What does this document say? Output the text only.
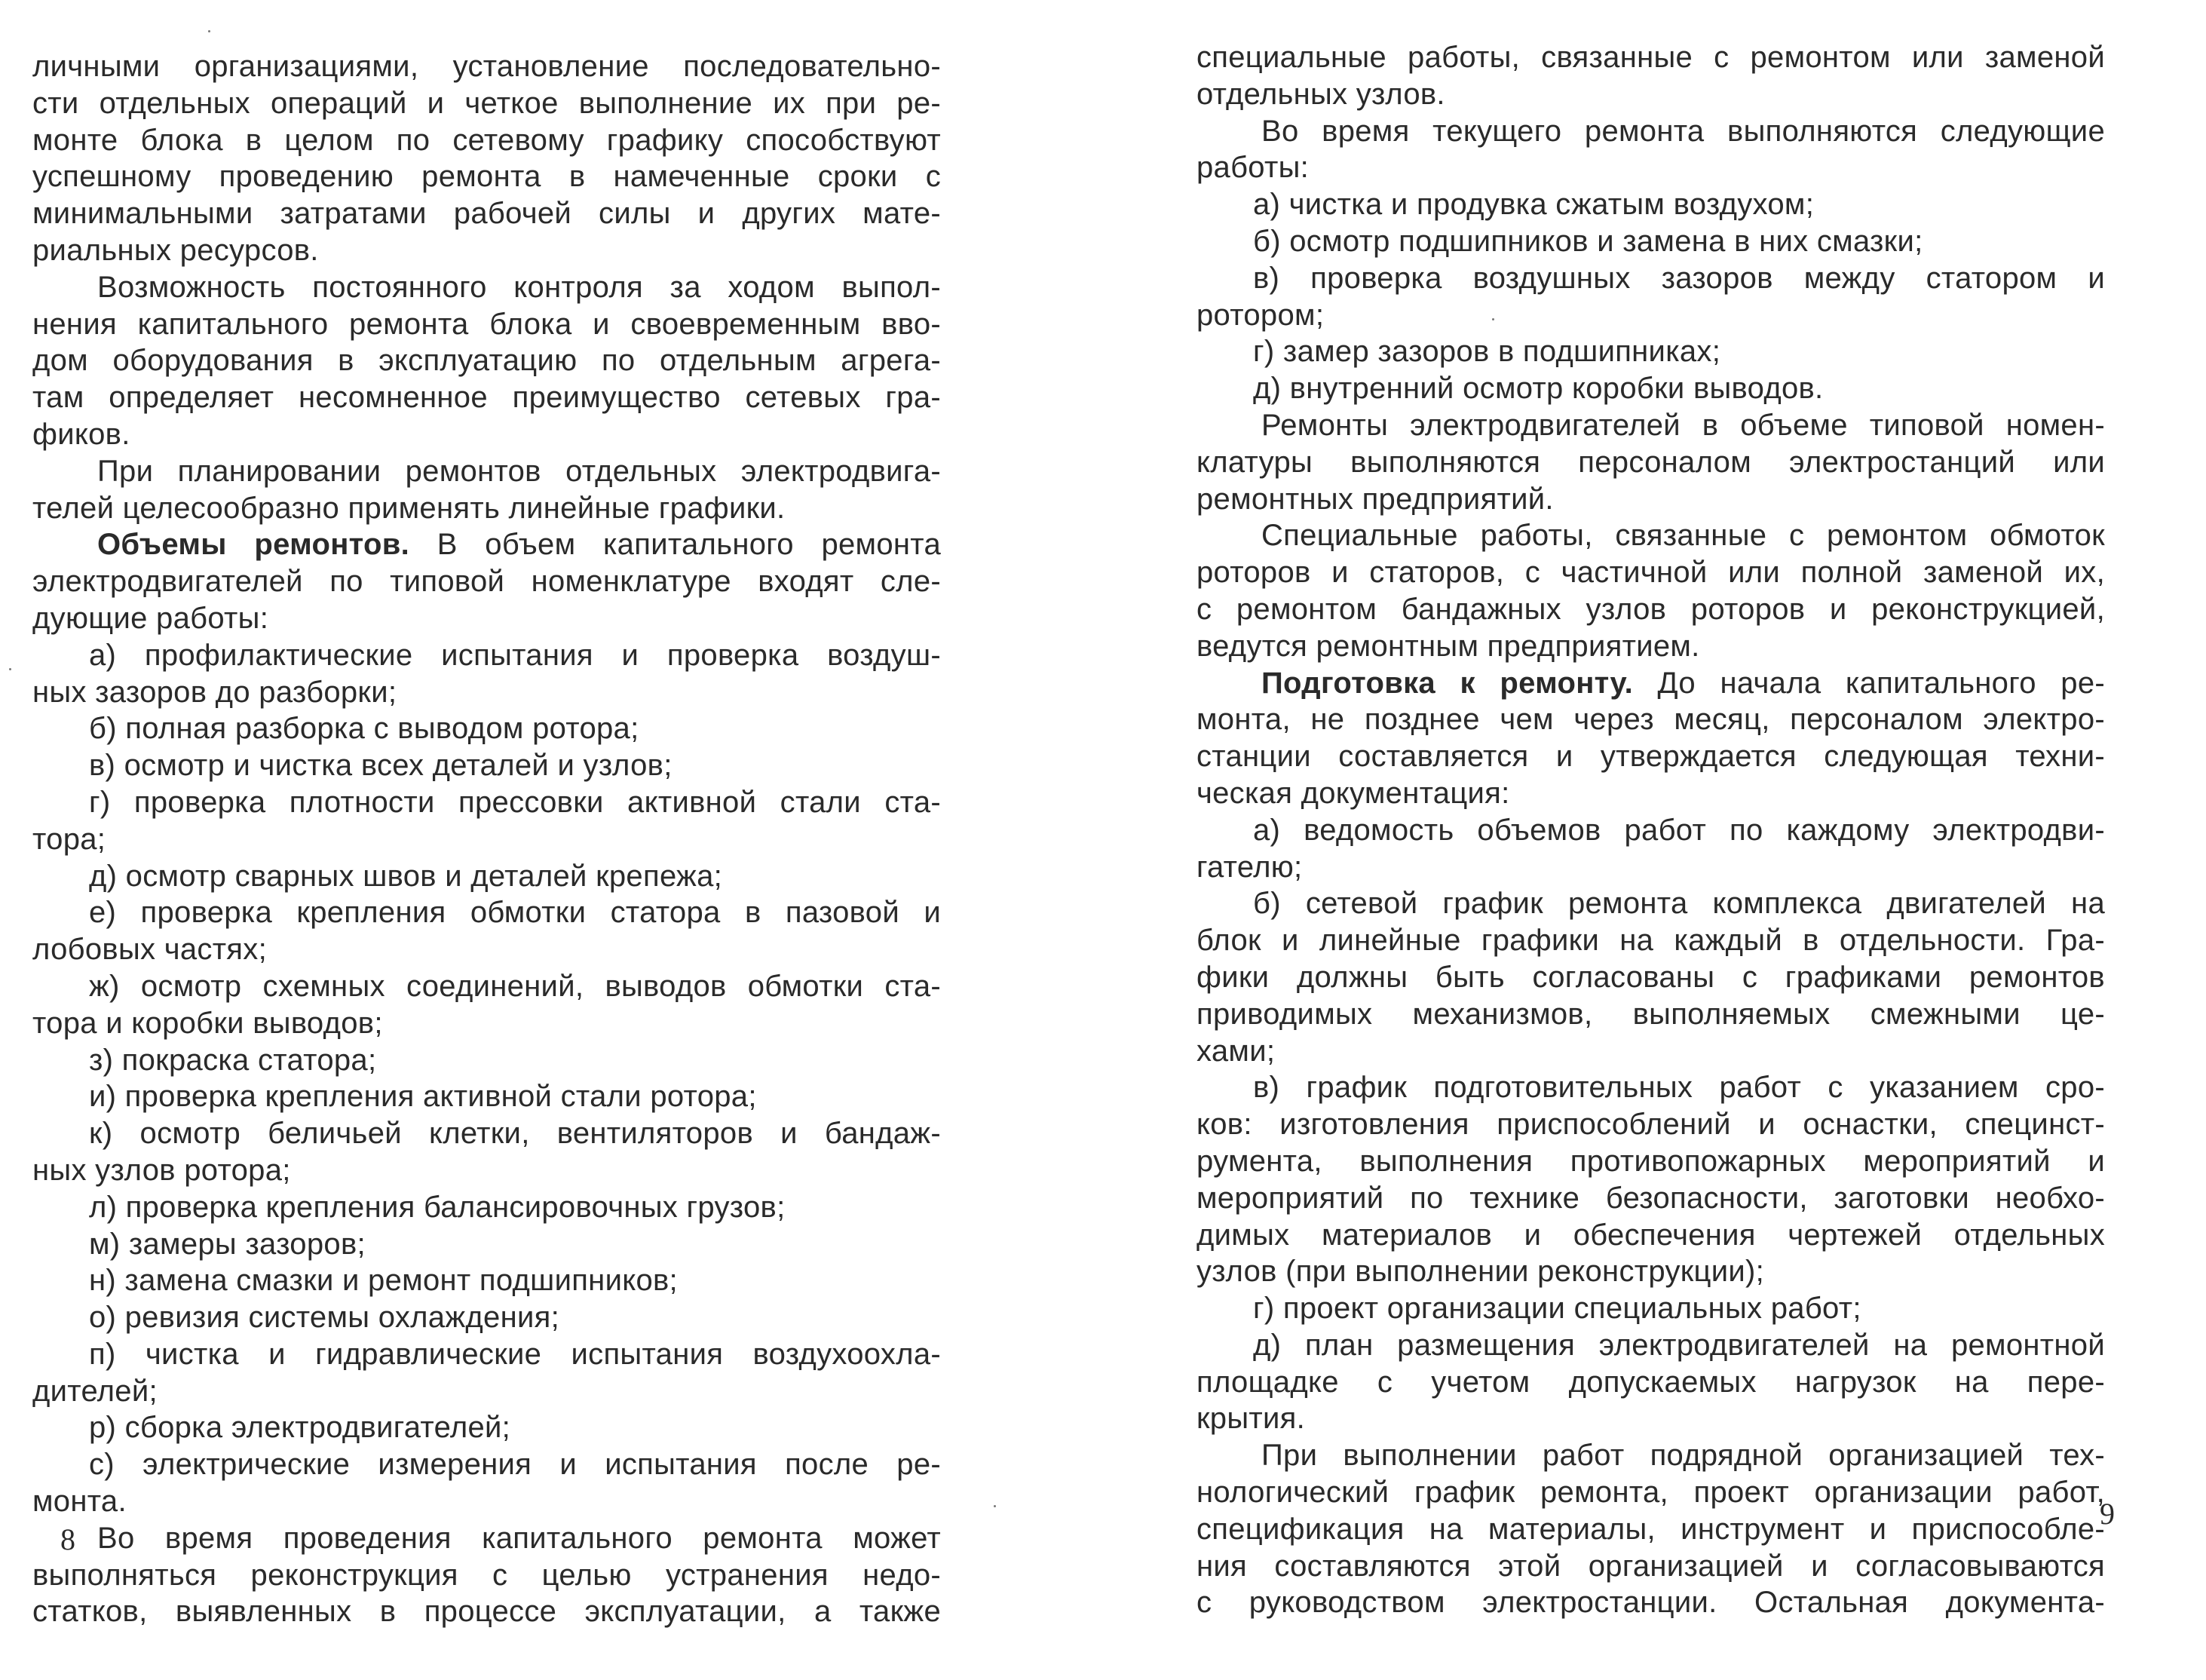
личными организациями, установление последовательно-
сти отдельных операций и четкое выполнение их при ре-
монте блока в целом по сетевому графику способствуют
успешному проведению ремонта в намеченные сроки с
минимальными затратами рабочей силы и других мате-
риальных ресурсов.
Возможность постоянного контроля за ходом выпол-
нения капитального ремонта блока и своевременным вво-
дом оборудования в эксплуатацию по отдельным агрега-
там определяет несомненное преимущество сетевых гра-
фиков.
При планировании ремонтов отдельных электродвига-
телей целесообразно применять линейные графики.
Объемы ремонтов. В объем капитального ремонта
электродвигателей по типовой номенклатуре входят сле-
дующие работы:
а) профилактические испытания и проверка воздуш-
ных зазоров до разборки;
б) полная разборка с выводом ротора;
в) осмотр и чистка всех деталей и узлов;
г) проверка плотности прессовки активной стали ста-
тора;
д) осмотр сварных швов и деталей крепежа;
е) проверка крепления обмотки статора в пазовой и
лобовых частях;
ж) осмотр схемных соединений, выводов обмотки ста-
тора и коробки выводов;
з) покраска статора;
и) проверка крепления активной стали ротора;
к) осмотр беличьей клетки, вентиляторов и бандаж-
ных узлов ротора;
л) проверка крепления балансировочных грузов;
м) замеры зазоров;
н) замена смазки и ремонт подшипников;
о) ревизия системы охлаждения;
п) чистка и гидравлические испытания воздухоохла-
дителей;
р) сборка электродвигателей;
с) электрические измерения и испытания после ре-
монта.
Во время проведения капитального ремонта может
выполняться реконструкция с целью устранения недо-
статков, выявленных в процессе эксплуатации, а также
8
специальные работы, связанные с ремонтом или заменой
отдельных узлов.
Во время текущего ремонта выполняются следующие
работы:
а) чистка и продувка сжатым воздухом;
б) осмотр подшипников и замена в них смазки;
в) проверка воздушных зазоров между статором и
ротором;
г) замер зазоров в подшипниках;
д) внутренний осмотр коробки выводов.
Ремонты электродвигателей в объеме типовой номен-
клатуры выполняются персоналом электростанций или
ремонтных предприятий.
Специальные работы, связанные с ремонтом обмоток
роторов и статоров, с частичной или полной заменой их,
с ремонтом бандажных узлов роторов и реконструкцией,
ведутся ремонтным предприятием.
Подготовка к ремонту. До начала капитального ре-
монта, не позднее чем через месяц, персоналом электро-
станции составляется и утверждается следующая техни-
ческая документация:
а) ведомость объемов работ по каждому электродви-
гателю;
б) сетевой график ремонта комплекса двигателей на
блок и линейные графики на каждый в отдельности. Гра-
фики должны быть согласованы с графиками ремонтов
приводимых механизмов, выполняемых смежными це-
хами;
в) график подготовительных работ с указанием сро-
ков: изготовления приспособлений и оснастки, специнст-
румента, выполнения противопожарных мероприятий и
мероприятий по технике безопасности, заготовки необхо-
димых материалов и обеспечения чертежей отдельных
узлов (при выполнении реконструкции);
г) проект организации специальных работ;
д) план размещения электродвигателей на ремонтной
площадке с учетом допускаемых нагрузок на пере-
крытия.
При выполнении работ подрядной организацией тех-
нологический график ремонта, проект организации работ,
спецификация на материалы, инструмент и приспособле-
ния составляются этой организацией и согласовываются
с руководством электростанции. Остальная документа-
9
